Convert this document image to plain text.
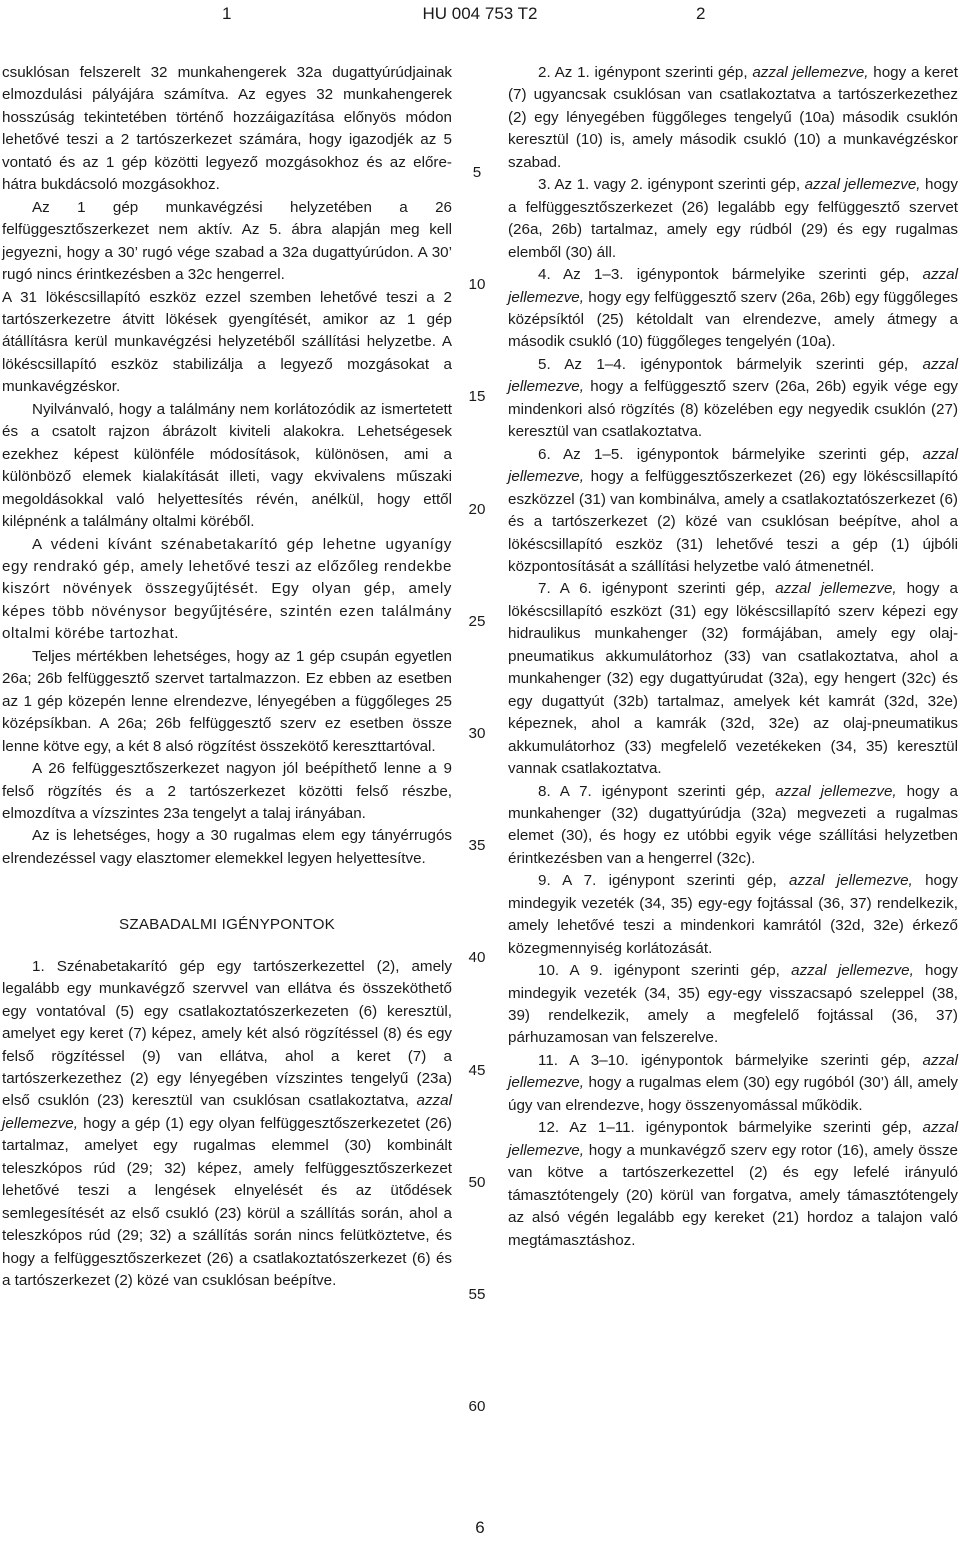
1	HU 004 753 T2	2

csuklósan felszerelt 32 munkahengerek 32a dugattyúrúdjainak elmozdulási pályájára számítva. Az egyes 32 munkahengerek hosszúság tekintetében történő hozzáigazítása előnyös módon lehetővé teszi a 2 tartószerkezet számára, hogy igazodjék az 5 vontató és az 1 gép közötti legyező mozgásokhoz és az előre-hátra bukdácsoló mozgásokhoz.

Az 1 gép munkavégzési helyzetében a 26 felfüggesztőszerkezet nem aktív. Az 5. ábra alapján meg kell jegyezni, hogy a 30’ rugó vége szabad a 32a dugattyúrúdon. A 30’ rugó nincs érintkezésben a 32c hengerrel.

A 31 lökéscsillapító eszköz ezzel szemben lehetővé teszi a 2 tartószerkezetre átvitt lökések gyengítését, amikor az 1 gép átállításra kerül munkavégzési helyzetéből szállítási helyzetbe. A lökéscsillapító eszköz stabilizálja a legyező mozgásokat a munkavégzéskor.

Nyilvánvaló, hogy a találmány nem korlátozódik az ismertetett és a csatolt rajzon ábrázolt kiviteli alakokra. Lehetségesek ezekhez képest különféle módosítások, különösen, ami a különböző elemek kialakítását illeti, vagy ekvivalens műszaki megoldásokkal való helyettesítés révén, anélkül, hogy ettől kilépnénk a találmány oltalmi köréből.

A védeni kívánt szénabetakarító gép lehetne ugyanígy egy rendrakó gép, amely lehetővé teszi az előzőleg rendekbe kiszórt növények összegyűjtését. Egy olyan gép, amely képes több növénysor begyűjtésére, szintén ezen találmány oltalmi körébe tartozhat.

Teljes mértékben lehetséges, hogy az 1 gép csupán egyetlen 26a; 26b felfüggesztő szervet tartalmazzon. Ez ebben az esetben az 1 gép közepén lenne elrendezve, lényegében a függőleges 25 középsíkban. A 26a; 26b felfüggesztő szerv ez esetben össze lenne kötve egy, a két 8 alsó rögzítést összekötő kereszttartóval.

A 26 felfüggesztőszerkezet nagyon jól beépíthető lenne a 9 felső rögzítés és a 2 tartószerkezet közötti felső részbe, elmozdítva a vízszintes 23a tengelyt a talaj irányában.

Az is lehetséges, hogy a 30 rugalmas elem egy tányérrugós elrendezéssel vagy elasztomer elemekkel legyen helyettesítve.

SZABADALMI IGÉNYPONTOK

1. Szénabetakarító gép egy tartószerkezettel (2), amely legalább egy munkavégző szervvel van ellátva és összeköthető egy vontatóval (5) egy csatlakoztatószerkezeten (6) keresztül, amelyet egy keret (7) képez, amely két alsó rögzítéssel (8) és egy felső rögzítéssel (9) van ellátva, ahol a keret (7) a tartószerkezethez (2) egy lényegében vízszintes tengelyű (23a) első csuklón (23) keresztül van csuklósan csatlakoztatva, azzal jellemezve, hogy a gép (1) egy olyan felfüggesztőszerkezetet (26) tartalmaz, amelyet egy rugalmas elemmel (30) kombinált teleszkópos rúd (29; 32) képez, amely felfüggesztőszerkezet lehetővé teszi a lengések elnyelését és az ütődések semlegesítését az első csukló (23) körül a szállítás során, ahol a teleszkópos rúd (29; 32) a szállítás során nincs felütköztetve, és hogy a felfüggesztőszerkezet (26) a csatlakoztatószerkezet (6) és a tartószerkezet (2) közé van csuklósan beépítve.

2. Az 1. igénypont szerinti gép, azzal jellemezve, hogy a keret (7) ugyancsak csuklósan van csatlakoztatva a tartószerkezethez (2) egy lényegében függőleges tengelyű (10a) második csuklón keresztül (10) is, amely második csukló (10) a munkavégzéskor szabad.

3. Az 1. vagy 2. igénypont szerinti gép, azzal jellemezve, hogy a felfüggesztőszerkezet (26) legalább egy felfüggesztő szervet (26a, 26b) tartalmaz, amely egy rúdból (29) és egy rugalmas elemből (30) áll.

4. Az 1–3. igénypontok bármelyike szerinti gép, azzal jellemezve, hogy egy felfüggesztő szerv (26a, 26b) egy függőleges középsíktól (25) kétoldalt van elrendezve, amely átmegy a második csukló (10) függőleges tengelyén (10a).

5. Az 1–4. igénypontok bármelyik szerinti gép, azzal jellemezve, hogy a felfüggesztő szerv (26a, 26b) egyik vége egy mindenkori alsó rögzítés (8) közelében egy negyedik csuklón (27) keresztül van csatlakoztatva.

6. Az 1–5. igénypontok bármelyike szerinti gép, azzal jellemezve, hogy a felfüggesztőszerkezet (26) egy lökéscsillapító eszközzel (31) van kombinálva, amely a csatlakoztatószerkezet (6) és a tartószerkezet (2) közé van csuklósan beépítve, ahol a lökéscsillapító eszköz (31) lehetővé teszi a gép (1) újbóli központosítását a szállítási helyzetbe való átmenetnél.

7. A 6. igénypont szerinti gép, azzal jellemezve, hogy a lökéscsillapító eszközt (31) egy lökéscsillapító szerv képezi egy hidraulikus munkahenger (32) formájában, amely egy olaj-pneumatikus akkumulátorhoz (33) van csatlakoztatva, ahol a munkahenger (32) egy dugattyúrudat (32a), egy hengert (32c) és egy dugattyút (32b) tartalmaz, amelyek két kamrát (32d, 32e) képeznek, ahol a kamrák (32d, 32e) az olaj-pneumatikus akkumulátorhoz (33) megfelelő vezetékeken (34, 35) keresztül vannak csatlakoztatva.

8. A 7. igénypont szerinti gép, azzal jellemezve, hogy a munkahenger (32) dugattyúrúdja (32a) megvezeti a rugalmas elemet (30), és hogy ez utóbbi egyik vége szállítási helyzetben érintkezésben van a hengerrel (32c).

9. A 7. igénypont szerinti gép, azzal jellemezve, hogy mindegyik vezeték (34, 35) egy-egy fojtással (36, 37) rendelkezik, amely lehetővé teszi a mindenkori kamrától (32d, 32e) érkező közegmennyiség korlátozását.

10. A 9. igénypont szerinti gép, azzal jellemezve, hogy mindegyik vezeték (34, 35) egy-egy visszacsapó szeleppel (38, 39) rendelkezik, amely a megfelelő fojtással (36, 37) párhuzamosan van felszerelve.

11. A 3–10. igénypontok bármelyike szerinti gép, azzal jellemezve, hogy a rugalmas elem (30) egy rugóból (30’) áll, amely úgy van elrendezve, hogy összenyomással működik.

12. Az 1–11. igénypontok bármelyike szerinti gép, azzal jellemezve, hogy a munkavégző szerv egy rotor (16), amely össze van kötve a tartószerkezettel (2) és egy lefelé irányuló támasztótengely (20) körül van forgatva, amely támasztótengely az alsó végén legalább egy kereket (21) hordoz a talajon való megtámasztáshoz.

5
10
15
20
25
30
35
40
45
50
55
60
6
